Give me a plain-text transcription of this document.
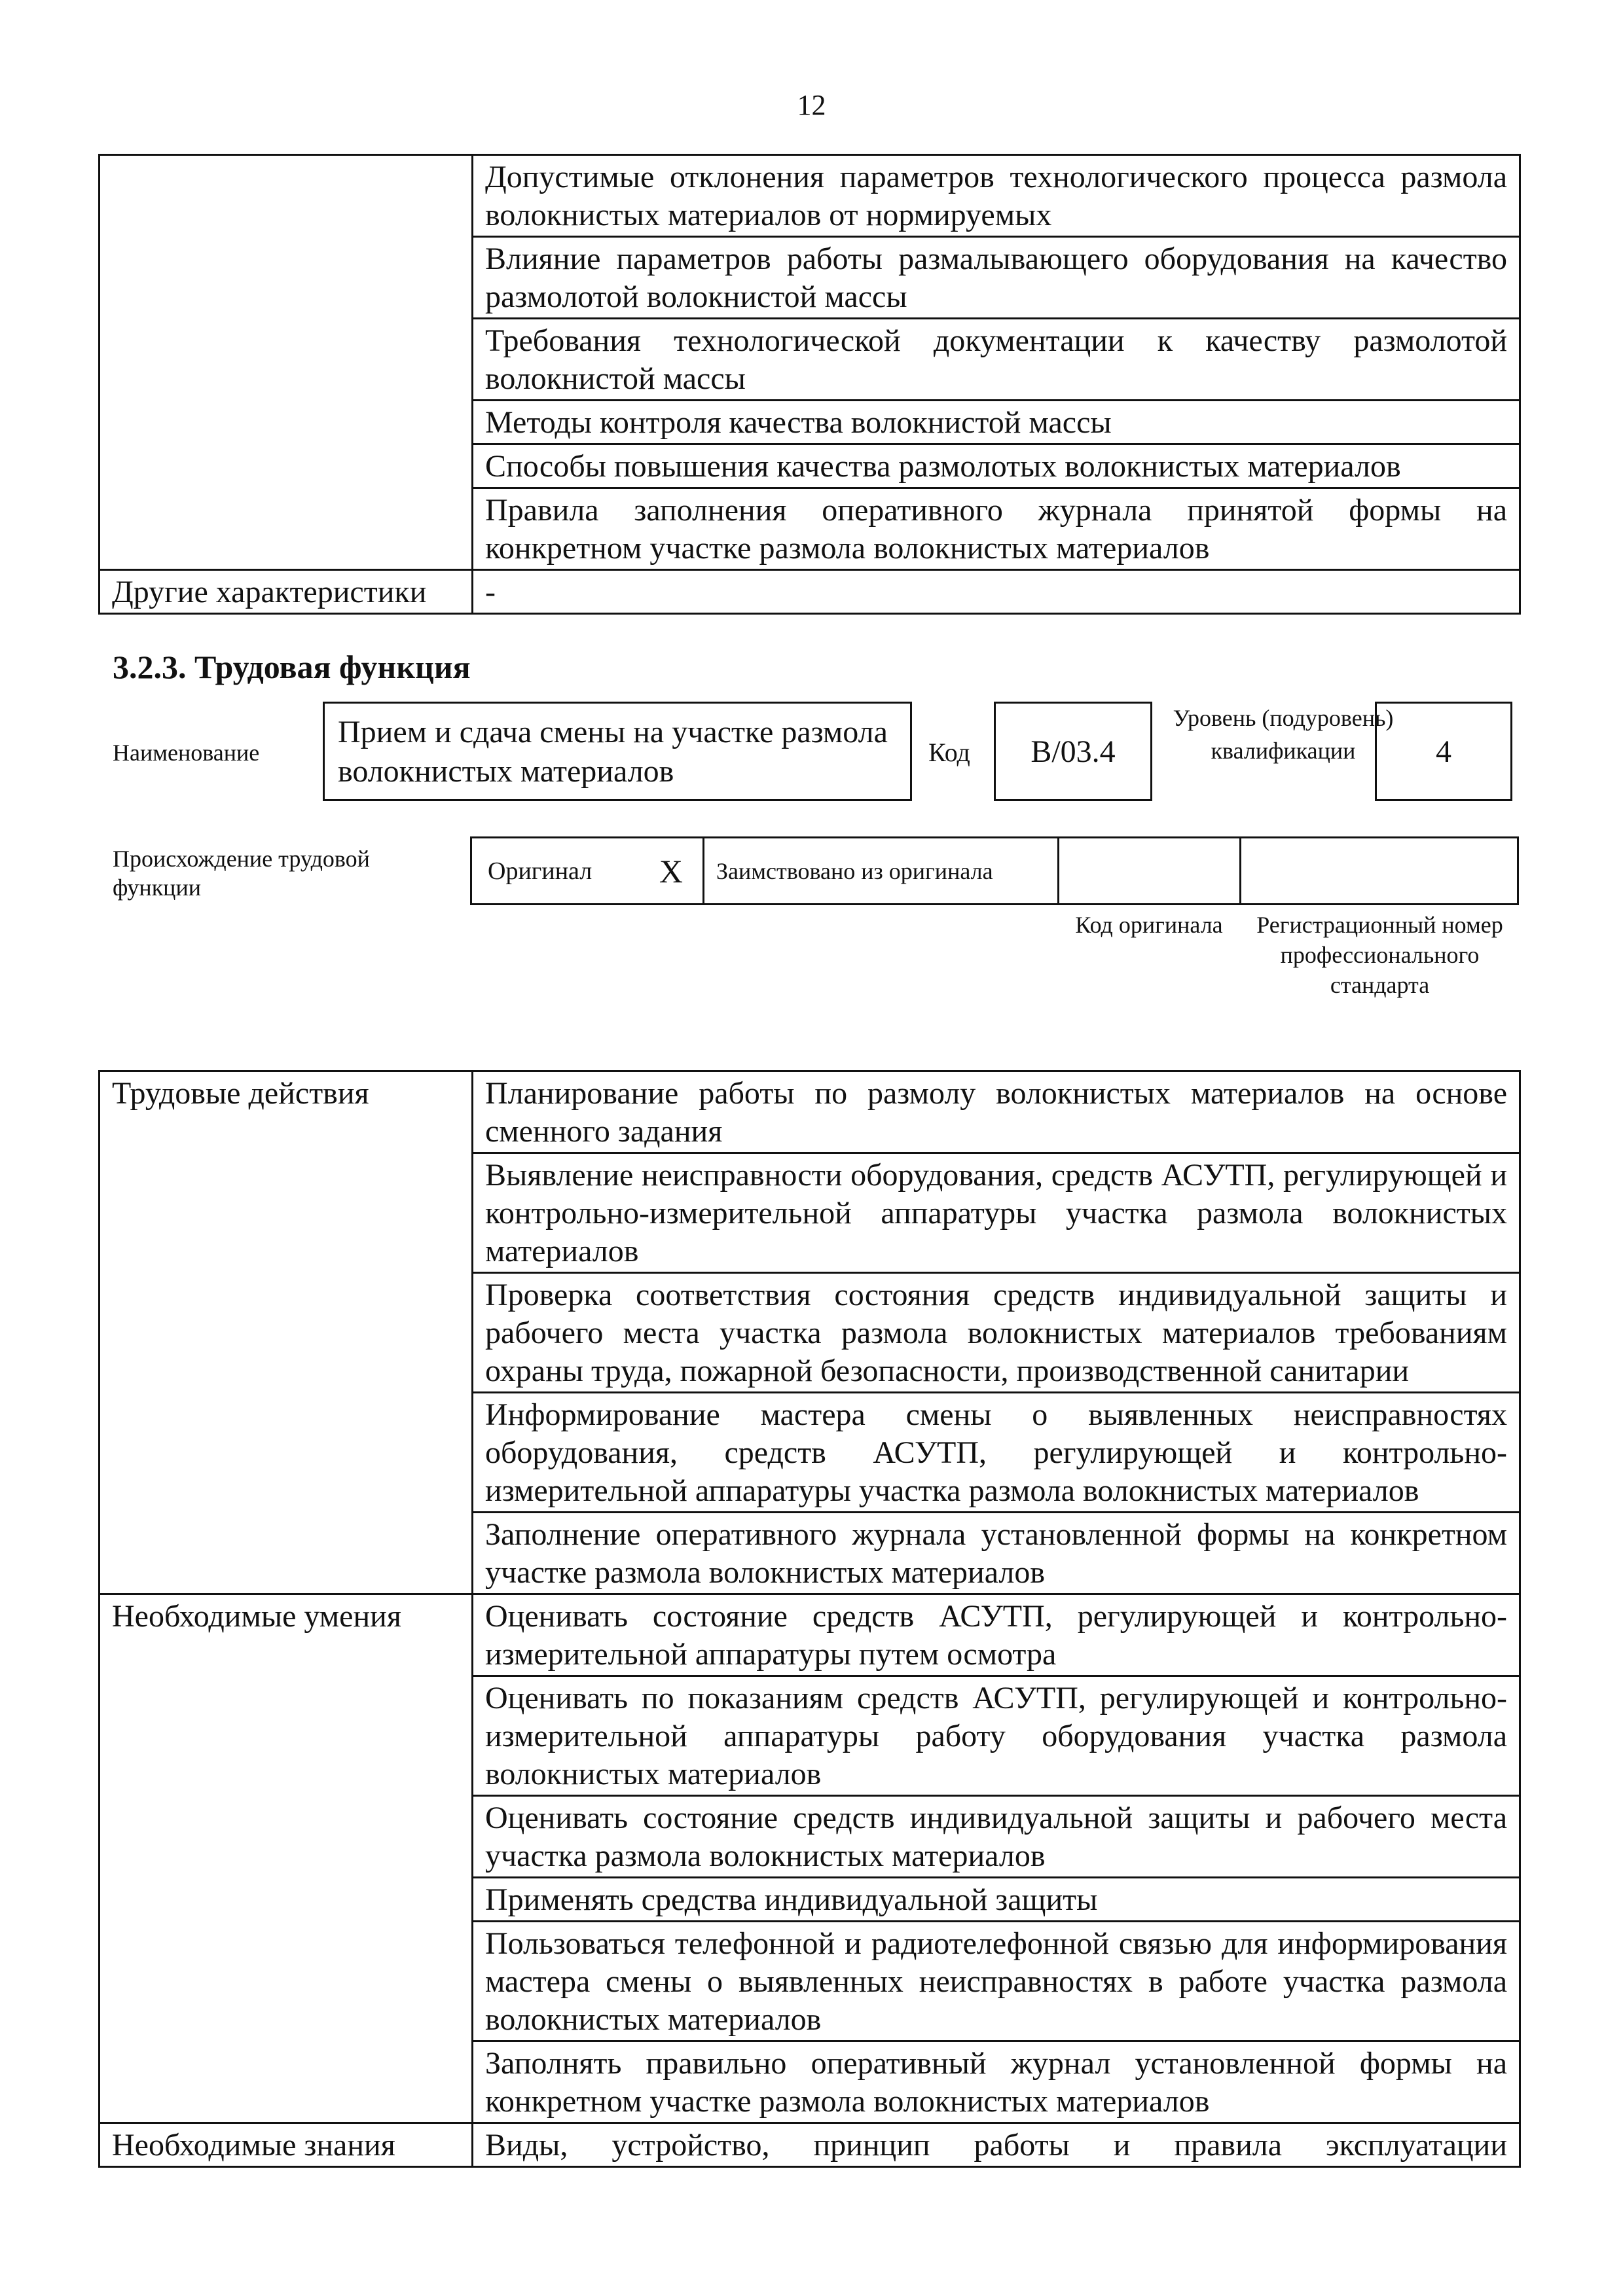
12
	Допустимые отклонения параметров технологического процесса размола волокнистых материалов от нормируемых
	Влияние параметров работы размалывающего оборудования на качество размолотой волокнистой массы
	Требования технологической документации к качеству размолотой волокнистой массы
	Методы контроля качества волокнистой массы
	Способы повышения качества размолотых волокнистых материалов
	Правила заполнения оперативного журнала принятой формы на конкретном участке размола волокнистых материалов
Другие характеристики	-
3.2.3. Трудовая функция
Наименование
Прием и сдача смены на участке размола волокнистых материалов
Код В/03.4
Уровень (подуровень) квалификации	4
Происхождение трудовой функции
Оригинал X Заимствовано из оригинала
Код оригинала	Регистрационный номер профессионального стандарта
Трудовые действия	Планирование работы по размолу волокнистых материалов на основе сменного задания
	Выявление неисправности оборудования, средств АСУТП, регулирующей и контрольно-измерительной аппаратуры участка размола волокнистых материалов
	Проверка соответствия состояния средств индивидуальной защиты и рабочего места участка размола волокнистых материалов требованиям охраны труда, пожарной безопасности, производственной санитарии
	Информирование мастера смены о выявленных неисправностях оборудования, средств АСУТП, регулирующей и контрольно-измерительной аппаратуры участка размола волокнистых материалов
	Заполнение оперативного журнала установленной формы на конкретном участке размола волокнистых материалов
Необходимые умения	Оценивать состояние средств АСУТП, регулирующей и контрольно-измерительной аппаратуры путем осмотра
	Оценивать по показаниям средств АСУТП, регулирующей и контрольно-измерительной аппаратуры работу оборудования участка размола волокнистых материалов
	Оценивать состояние средств индивидуальной защиты и рабочего места участка размола волокнистых материалов
	Применять средства индивидуальной защиты
	Пользоваться телефонной и радиотелефонной связью для информирования мастера смены о выявленных неисправностях в работе участка размола волокнистых материалов
	Заполнять правильно оперативный журнал установленной формы на конкретном участке размола волокнистых материалов
Необходимые знания	Виды, устройство, принцип работы и правила эксплуатации
